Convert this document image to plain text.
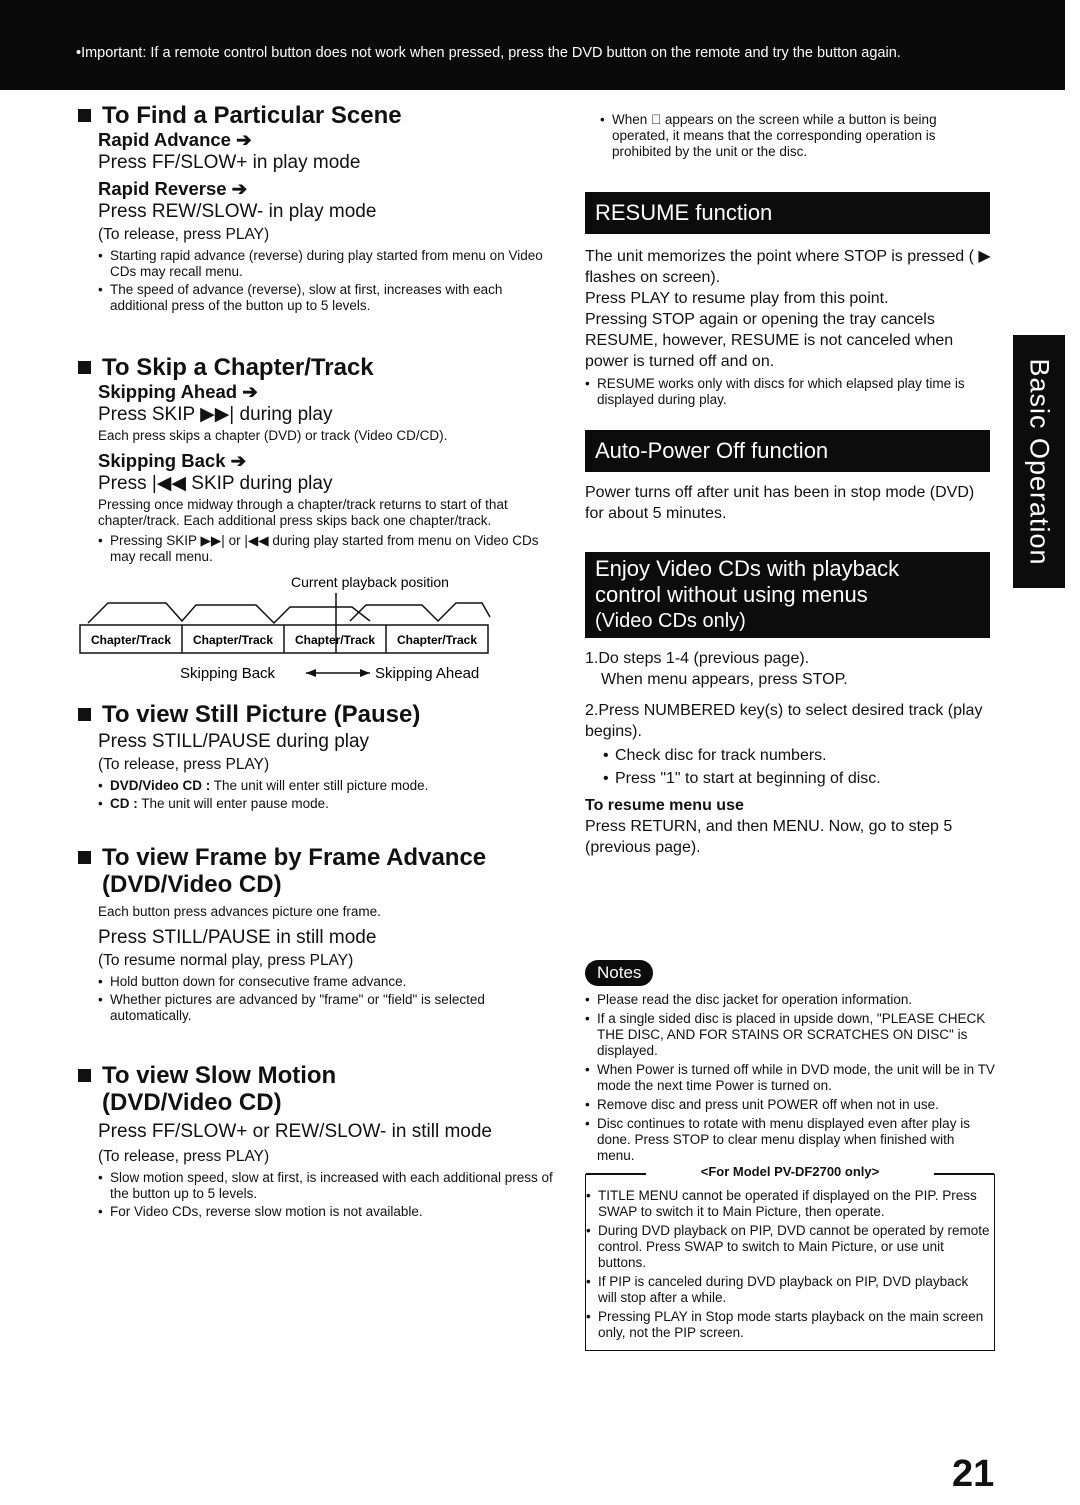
•Important: If a remote control button does not work when pressed, press the DVD button on the remote and try the button again.
To Find a Particular Scene
Rapid Advance ➔
Press FF/SLOW+ in play mode
Rapid Reverse ➔
Press REW/SLOW- in play mode
(To release, press PLAY)
• Starting rapid advance (reverse) during play started from menu on Video CDs may recall menu.
• The speed of advance (reverse), slow at first, increases with each additional press of the button up to 5 levels.
To Skip a Chapter/Track
Skipping Ahead ➔
Press SKIP ▶▶| during play
Each press skips a chapter (DVD) or track (Video CD/CD).
Skipping Back ➔
Press |◀◀ SKIP during play
Pressing once midway through a chapter/track returns to start of that chapter/track. Each additional press skips back one chapter/track.
• Pressing SKIP ▶▶| or |◀◀ during play started from menu on Video CDs may recall menu.
Current playback position
Chapter/Track Chapter/Track Chapter/Track Chapter/Track
Skipping Back	Skipping Ahead
To view Still Picture (Pause)
Press STILL/PAUSE during play
(To release, press PLAY)
• DVD/Video CD : The unit will enter still picture mode.
• CD : The unit will enter pause mode.
To view Frame by Frame Advance
(DVD/Video CD)
Each button press advances picture one frame.
Press STILL/PAUSE in still mode
(To resume normal play, press PLAY)
• Hold button down for consecutive frame advance.
• Whether pictures are advanced by "frame" or "field" is selected automatically.
To view Slow Motion
(DVD/Video CD)
Press FF/SLOW+ or REW/SLOW- in still mode
(To release, press PLAY)
• Slow motion speed, slow at first, is increased with each additional press of the button up to 5 levels.
• For Video CDs, reverse slow motion is not available.
• When ⃠ appears on the screen while a button is being operated, it means that the corresponding operation is prohibited by the unit or the disc.
RESUME function

The unit memorizes the point where STOP is pressed ( ▶ flashes on screen).
Press PLAY to resume play from this point.
Pressing STOP again or opening the tray cancels RESUME, however, RESUME is not canceled when power is turned off and on.

• RESUME works only with discs for which elapsed play time is displayed during play.
Auto-Power Off function

Power turns off after unit has been in stop mode (DVD) for about 5 minutes.

Enjoy Video CDs with playback
control without using menus
(Video CDs only)

1.Do steps 1-4 (previous page).

When menu appears, press STOP.

2.Press NUMBERED key(s) to select desired track (play begins).

• Check disc for track numbers.
• Press "1" to start at beginning of disc.

To resume menu use

Press RETURN, and then MENU. Now, go to step 5 (previous page).

Notes
• Please read the disc jacket for operation information.
• If a single sided disc is placed in upside down, "PLEASE CHECK THE DISC, AND FOR STAINS OR SCRATCHES ON DISC" is displayed.
• When Power is turned off while in DVD mode, the unit will be in TV mode the next time Power is turned on.
• Remove disc and press unit POWER off when not in use.
• Disc continues to rotate with menu displayed even after play is done. Press STOP to clear menu display when finished with menu.
<For Model PV-DF2700 only>
• TITLE MENU cannot be operated if displayed on the PIP. Press SWAP to switch it to Main Picture, then operate.
• During DVD playback on PIP, DVD cannot be operated by remote control. Press SWAP to switch to Main Picture, or use unit buttons.
• If PIP is canceled during DVD playback on PIP, DVD playback will stop after a while.
• Pressing PLAY in Stop mode starts playback on the main screen only, not the PIP screen.
Basic Operation
21
